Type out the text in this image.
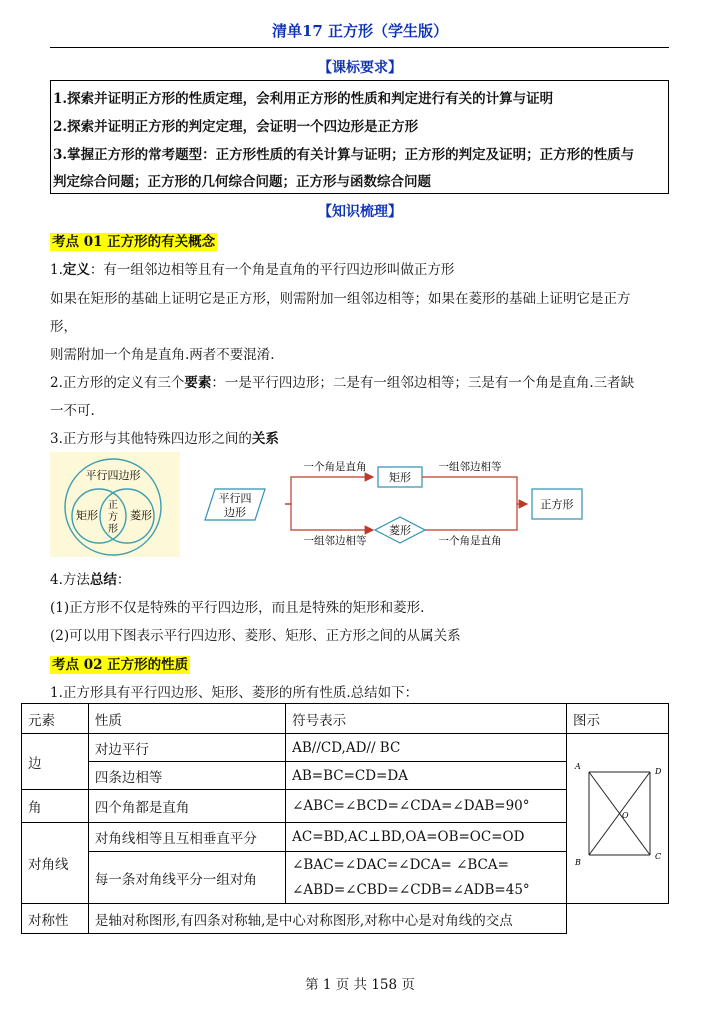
清单17 正方形（学生版）
【课标要求】
1.探索并证明正方形的性质定理，会利用正方形的性质和判定进行有关的计算与证明
2.探索并证明正方形的判定定理，会证明一个四边形是正方形
3.掌握正方形的常考题型：正方形性质的有关计算与证明；正方形的判定及证明；正方形的性质与
判定综合问题；正方形的几何综合问题；正方形与函数综合问题
【知识梳理】
考点 01 正方形的有关概念
1.定义：有一组邻边相等且有一个角是直角的平行四边形叫做正方形
如果在矩形的基础上证明它是正方形，则需附加一组邻边相等；如果在菱形的基础上证明它是正方
形，
则需附加一个角是直角.两者不要混淆.
2.正方形的定义有三个要素：一是平行四边形；二是有一组邻边相等；三是有一个角是直角.三者缺
一不可.
3.正方形与其他特殊四边形之间的关系
平行四边形
矩形
正
方
形
菱形
平行四
边形
一个角是直角
矩形
一组邻边相等
一组邻边相等
菱形
一个角是直角
正方形
4.方法总结：
(1)正方形不仅是特殊的平行四边形，而且是特殊的矩形和菱形.
(2)可以用下图表示平行四边形、菱形、矩形、正方形之间的从属关系
考点 02 正方形的性质
1.正方形具有平行四边形、矩形、菱形的所有性质.总结如下：
元素	性质	符号表示	图示
边	对边平行	AB//CD,AD// BC	A
B
C
D
O

	四条边相等	AB=BC=CD=DA	
角	四个角都是直角	∠ABC=∠BCD=∠CDA=∠DAB=90°	
对角线	对角线相等且互相垂直平分	AC=BD,AC⊥BD,OA=OB=OC=OD	
	每一条对角线平分一组对角	∠BAC=∠DAC=∠DCA= ∠BCA=
∠ABD=∠CBD=∠CDB=∠ADB=45°	

对称性	是轴对称图形,有四条对称轴,是中心对称图形,对称中心是对角线的交点		
第 1 页 共 158 页
